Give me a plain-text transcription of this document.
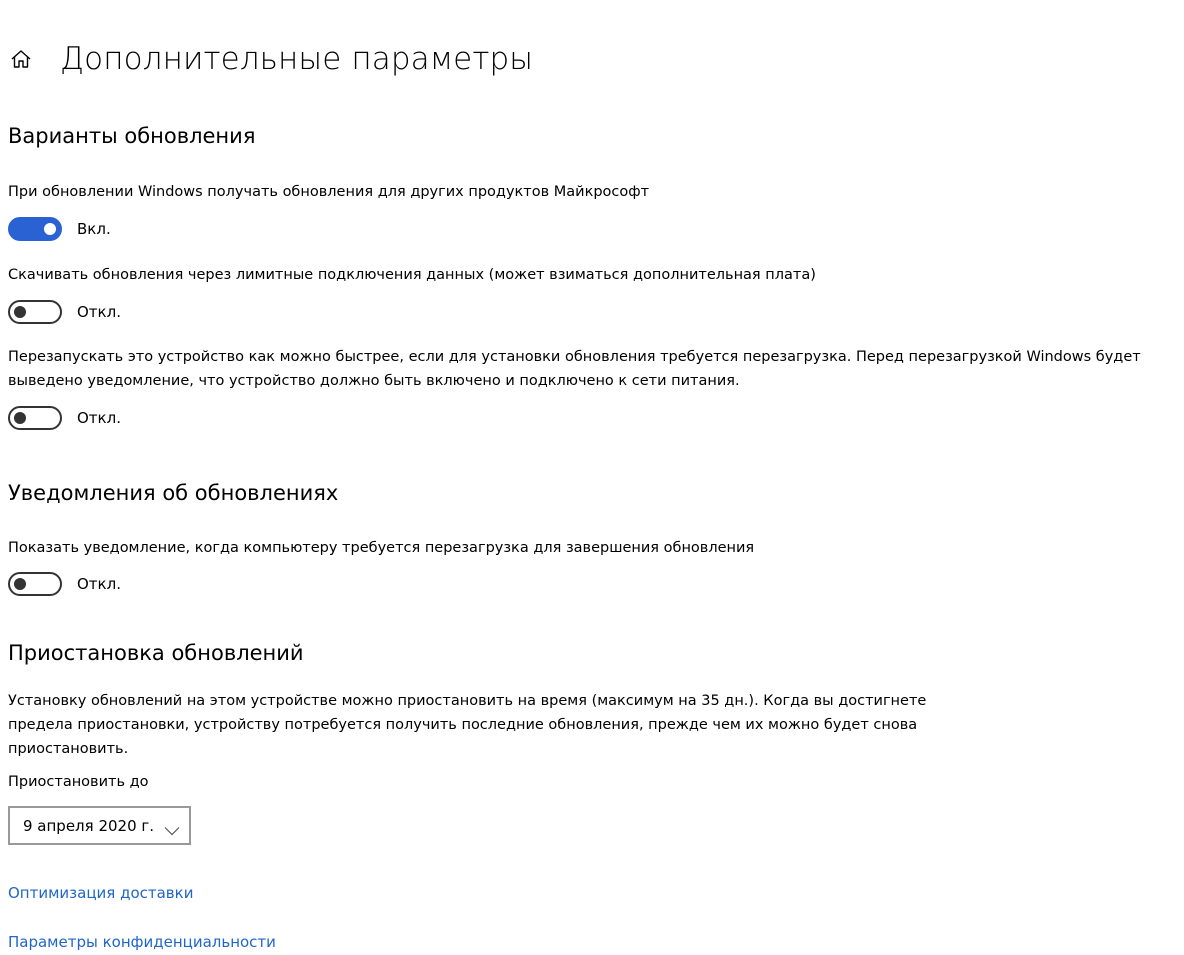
Дополнительные параметры
Варианты обновления
При обновлении Windows получать обновления для других продуктов Майкрософт
Вкл.
Скачивать обновления через лимитные подключения данных (может взиматься дополнительная плата)
Откл.
Перезапускать это устройство как можно быстрее, если для установки обновления требуется перезагрузка. Перед перезагрузкой Windows будет выведено уведомление, что устройство должно быть включено и подключено к сети питания.
Откл.
Уведомления об обновлениях
Показать уведомление, когда компьютеру требуется перезагрузка для завершения обновления
Откл.
Приостановка обновлений
Установку обновлений на этом устройстве можно приостановить на время (максимум на 35 дн.). Когда вы достигнете предела приостановки, устройству потребуется получить последние обновления, прежде чем их можно будет снова приостановить.
Приостановить до
9 апреля 2020 г.
Оптимизация доставки
Параметры конфиденциальности
